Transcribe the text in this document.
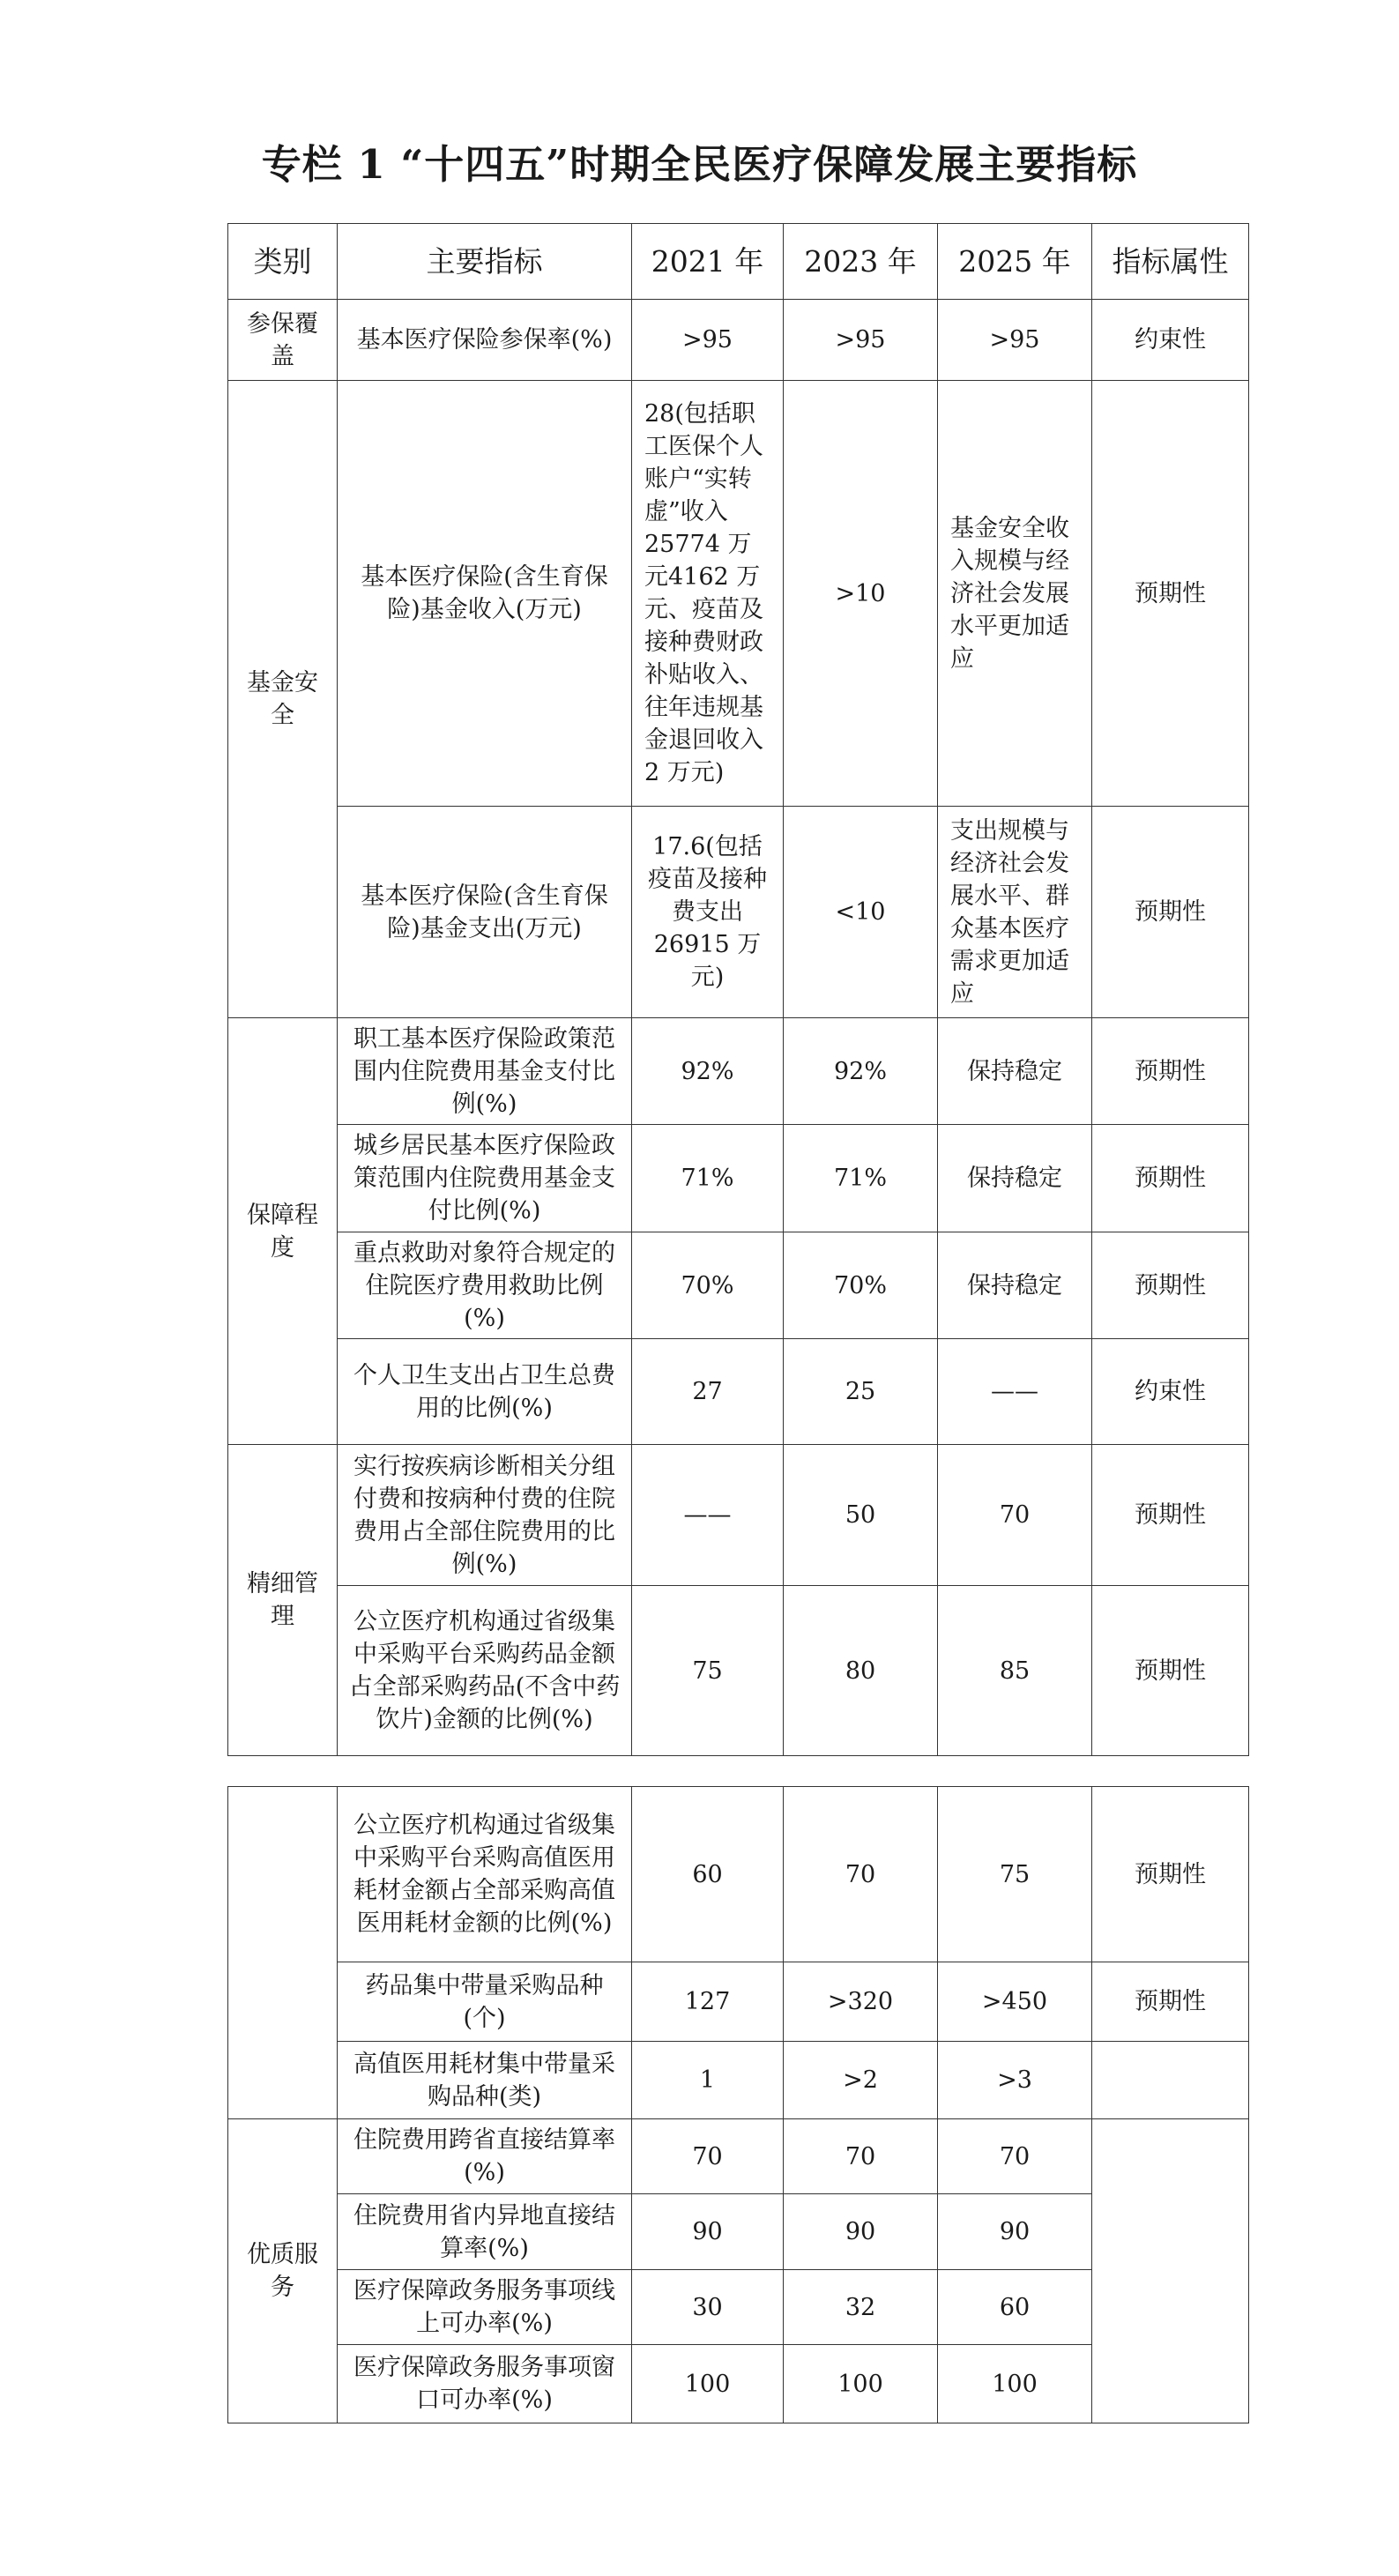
专栏 1 “十四五”时期全民医疗保障发展主要指标
类别	主要指标	2021 年	2023 年	2025 年	指标属性
参保覆盖	基本医疗保险参保率(%)	>95	>95	>95	约束性
基金安全	基本医疗保险(含生育保险)基金收入(万元)	28(包括职工医保个人账户“实转虚”收入25774 万元4162 万元、疫苗及接种费财政补贴收入、往年违规基金退回收入 2 万元)	>10	基金安全收入规模与经济社会发展水平更加适应	预期性
	基本医疗保险(含生育保险)基金支出(万元)	17.6(包括疫苗及接种费支出26915 万元)	<10	支出规模与经济社会发展水平、群众基本医疗需求更加适应	预期性
保障程度	职工基本医疗保险政策范围内住院费用基金支付比例(%)	92%	92%	保持稳定	预期性
	城乡居民基本医疗保险政策范围内住院费用基金支付比例(%)	71%	71%	保持稳定	预期性
	重点救助对象符合规定的住院医疗费用救助比例(%)	70%	70%	保持稳定	预期性
	个人卫生支出占卫生总费用的比例(%)	27	25	——	约束性
精细管理	实行按疾病诊断相关分组付费和按病种付费的住院费用占全部住院费用的比例(%)	——	50	70	预期性
	公立医疗机构通过省级集中采购平台采购药品金额占全部采购药品(不含中药饮片)金额的比例(%)	75	80	85	预期性
	公立医疗机构通过省级集中采购平台采购高值医用耗材金额占全部采购高值医用耗材金额的比例(%)	60	70	75	预期性
	药品集中带量采购品种(个)	127	>320	>450	预期性
	高值医用耗材集中带量采购品种(类)	1	>2	>3	
优质服务	住院费用跨省直接结算率(%)	70	70	70	
	住院费用省内异地直接结算率(%)	90	90	90	
	医疗保障政务服务事项线上可办率(%)	30	32	60	
	医疗保障政务服务事项窗口可办率(%)	100	100	100	
